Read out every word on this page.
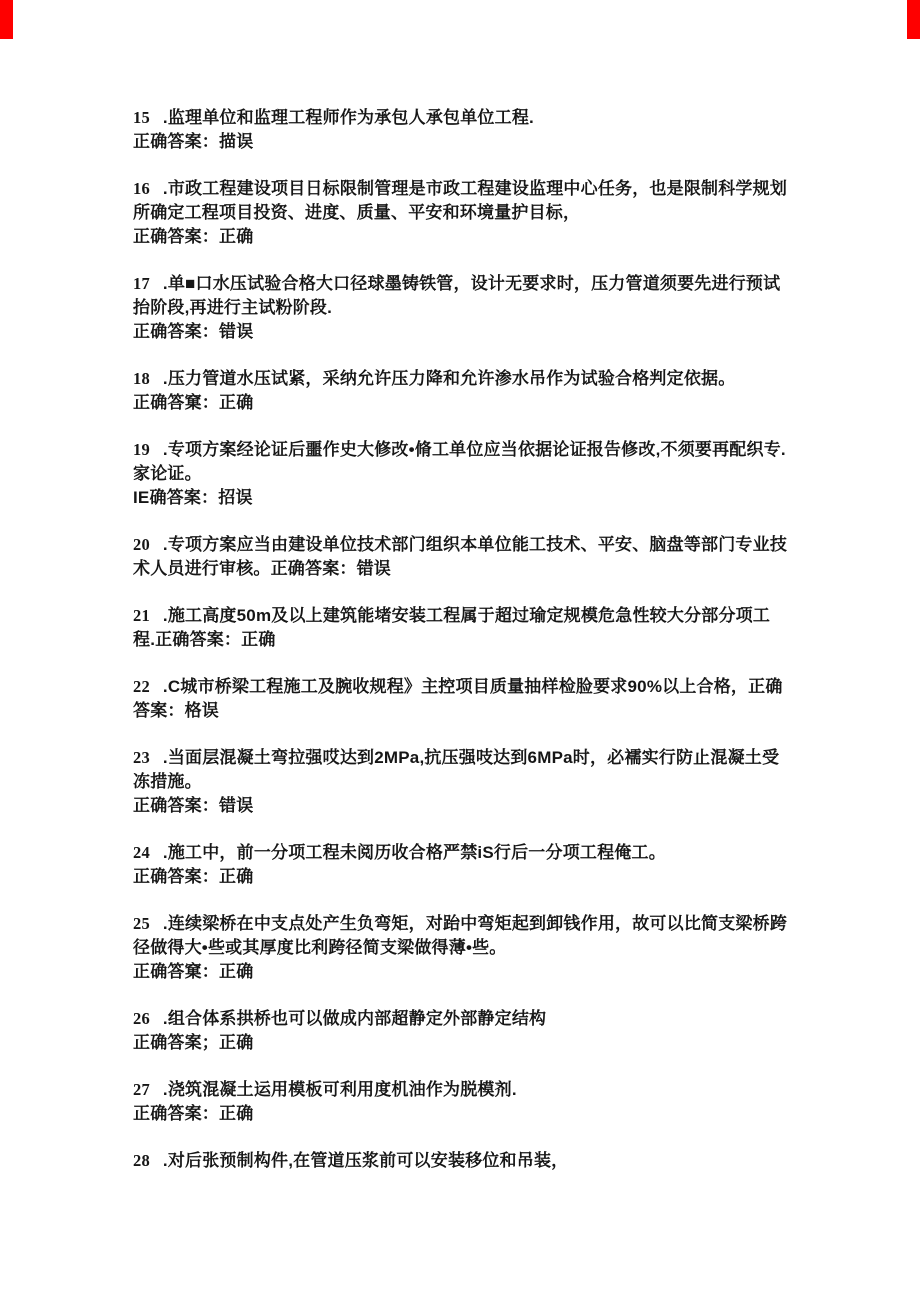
15 .监理单位和监理工程师作为承包人承包单位工程.
正确答案：描误
16 .市政工程建设项目日标限制管理是市政工程建设监理中心任务，也是限制科学规划所确定工程项目投资、进度、质量、平安和环境量护目标，
正确答案：正确
17 .单■口水压试验合格大口径球墨铸铁管，设计无要求时，压力管道须要先进行预试抬阶段,再进行主试粉阶段.
正确答案：错误
18 .压力管道水压试紧，采纳允许压力降和允许渗水吊作为试验合格判定依据。
正确答窠：正确
19 .专项方案经论证后噩作史大修改•脩工单位应当依据论证报告修改,不须要再配织专.家论证。
IE确答案：招误
20 .专项方案应当由建设单位技术部门组织本单位能工技术、平安、脑盘等部门专业技术人员进行审核。正确答案：错误
21 .施工高度50m及以上建筑能堵安装工程属于超过瑜定规模危急性较大分部分项工程.正确答案：正确
22 .C城市桥梁工程施工及腕收规程》主控项目质量抽样检脸要求90%以上合格，正确答案：格误
23 .当面层混凝土弯拉强哎达到2MPa,抗压强吱达到6MPa时，必襦实行防止混凝土受冻措施。
正确答案：错误
24 .施工中，前一分项工程未阅历收合格严禁iS行后一分项工程俺工。
正确答案：正确
25 .连续梁桥在中支点处产生负弯矩，对跆中弯矩起到卸钱作用，故可以比简支梁桥跨径做得大•些或其厚度比利跨径简支梁做得薄•些。
正确答窠：正确
26 .组合体系拱桥也可以做成内部超静定外部静定结构
正确答案；正确
27 .浇筑混凝土运用模板可利用度机油作为脱模剂.
正确答案：正确
28 .对后张预制构件,在管道压浆前可以安装移位和吊装，
